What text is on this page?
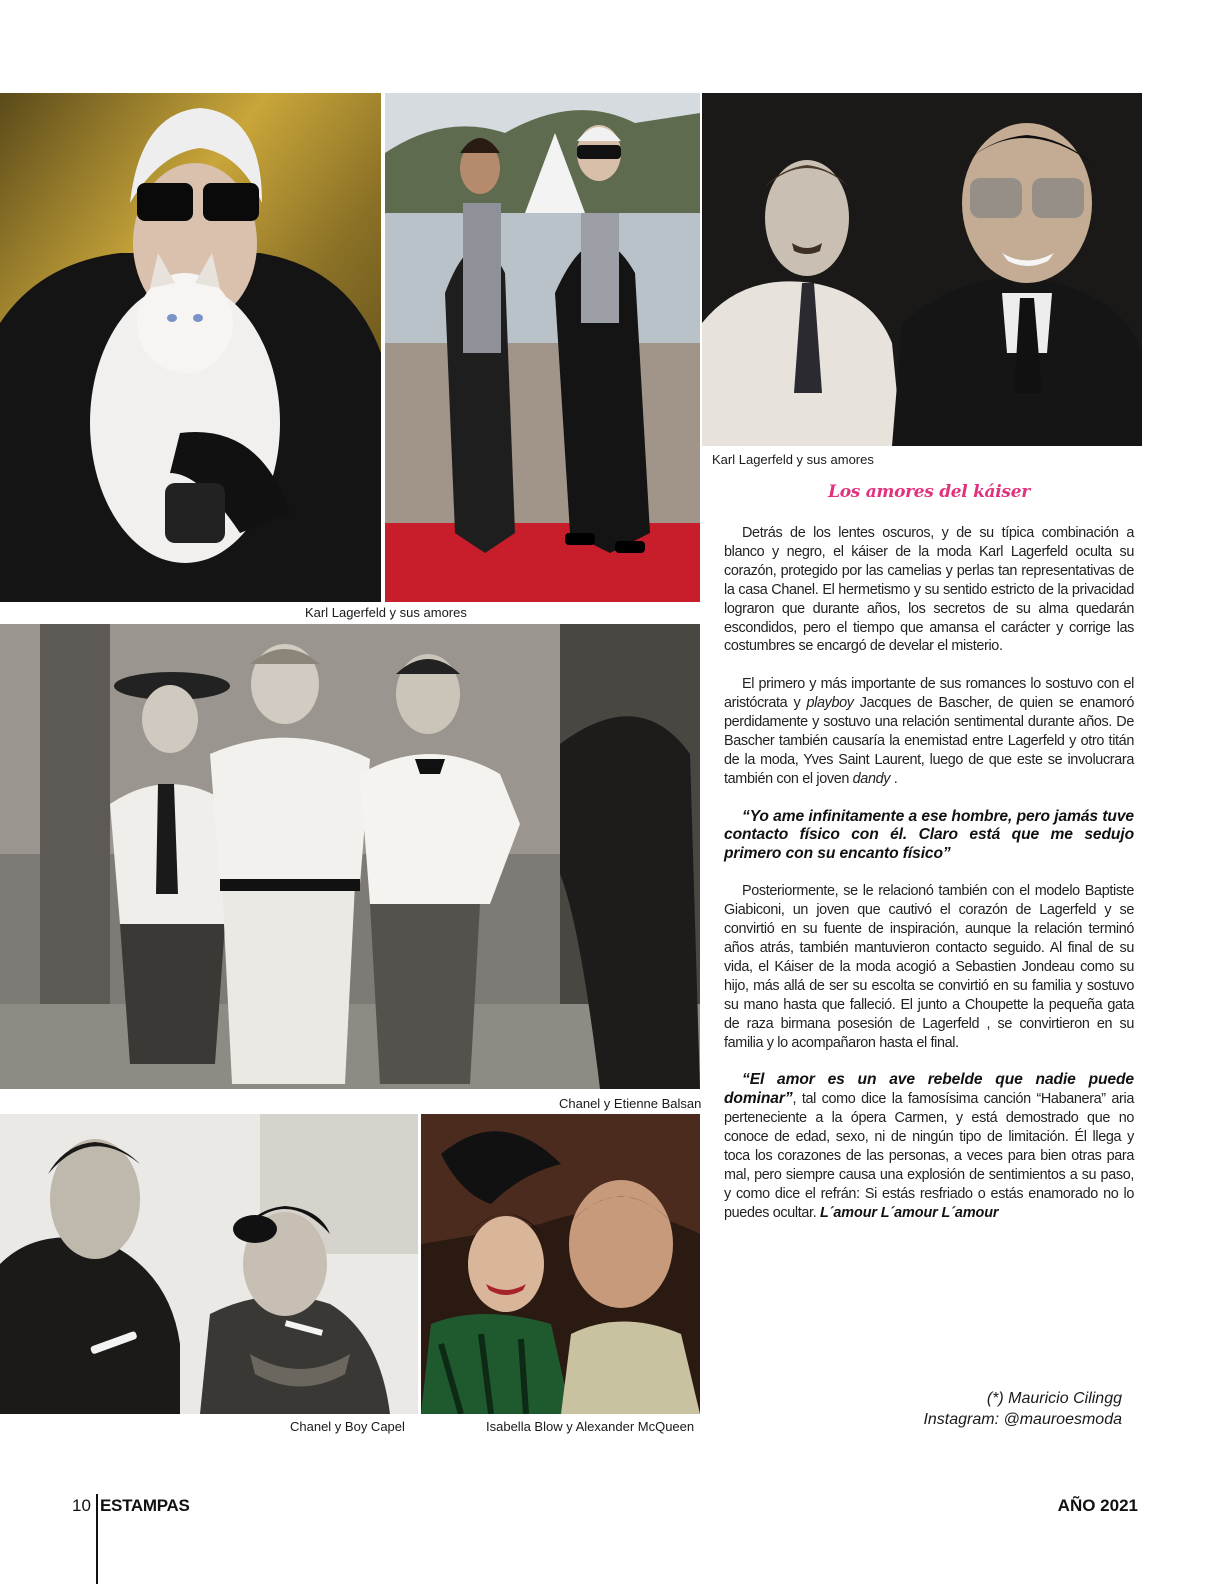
Karl Lagerfeld y sus amores
Karl Lagerfeld y sus amores
Chanel y Etienne Balsan
Chanel y Boy Capel	Isabella Blow y Alexander McQueen
Los amores del káiser

Detrás de los lentes oscuros, y de su típica combinación a blanco y negro, el káiser de la moda Karl Lagerfeld oculta su corazón, protegido por las camelias y perlas tan representativas de la casa Chanel. El hermetismo y su sentido estricto de la privacidad lograron que durante años, los secretos de su alma quedarán escondidos, pero el tiempo que amansa el carácter y corrige las costumbres se encargó de develar el misterio.

El primero y más importante de sus romances lo sostuvo con el aristócrata y playboy Jacques de Bascher, de quien se enamoró perdidamente y sostuvo una relación sentimental durante años. De Bascher también causaría la enemistad entre Lagerfeld y otro titán de la moda, Yves Saint Laurent, luego de que este se involucrara también con el joven dandy .

“Yo ame infinitamente a ese hombre, pero jamás tuve contacto físico con él. Claro está que me sedujo primero con su encanto físico”

Posteriormente, se le relacionó también con el modelo Baptiste Giabiconi, un joven que cautivó el corazón de Lagerfeld y se convirtió en su fuente de inspiración, aunque la relación terminó años atrás, también mantuvieron contacto seguido. Al final de su vida, el Káiser de la moda acogió a Sebastien Jondeau como su hijo, más allá de ser su escolta se convirtió en su familia y sostuvo su mano hasta que falleció. El junto a Choupette la pequeña gata de raza birmana posesión de Lagerfeld , se convirtieron en su familia y lo acompañaron hasta el final.

“El amor es un ave rebelde que nadie puede dominar”, tal como dice la famosísima canción “Habanera” aria perteneciente a la ópera Carmen, y está demostrado que no conoce de edad, sexo, ni de ningún tipo de limitación. Él llega y toca los corazones de las personas, a veces para bien otras para mal, pero siempre causa una explosión de sentimientos a su paso, y como dice el refrán: Si estás resfriado o estás enamorado no lo puedes ocultar. L´amour L´amour L´amour

(*) Mauricio Cilingg
Instagram: @mauroesmoda
10 ESTAMPAS	AÑO 2021
